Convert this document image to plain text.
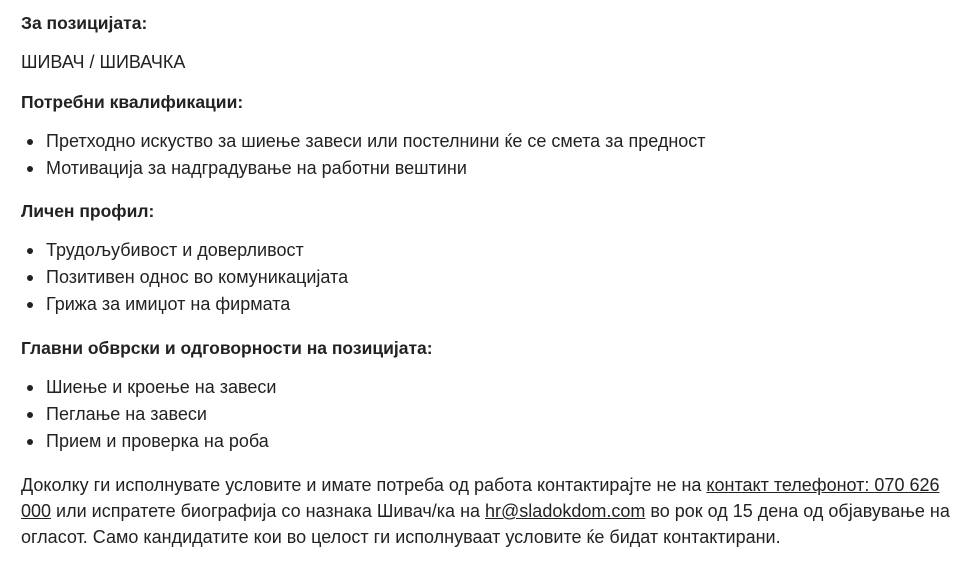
За позицијата:

ШИВАЧ / ШИВАЧКА

Потребни квалификации:
Претходно искуство за шиење завеси или постелнини ќе се смета за предност
Мотивација за надградување на работни вештини
Личен профил:
Трудољубивост и доверливост
Позитивен однос во комуникацијата
Грижа за имиџот на фирмата
Главни обврски и одговорности на позицијата:
Шиење и кроење на завеси
Пеглање на завеси
Прием и проверка на роба

Доколку ги исполнувате условите и имате потреба од работа контактирајте не на контакт телефонот: 070 626 000 или испратете биографија со назнака Шивач/ка на hr@sladokdom.com во рок од 15 дена од објавување на огласот. Само кандидатите кои во целост ги исполнуваат условите ќе бидат контактирани.
